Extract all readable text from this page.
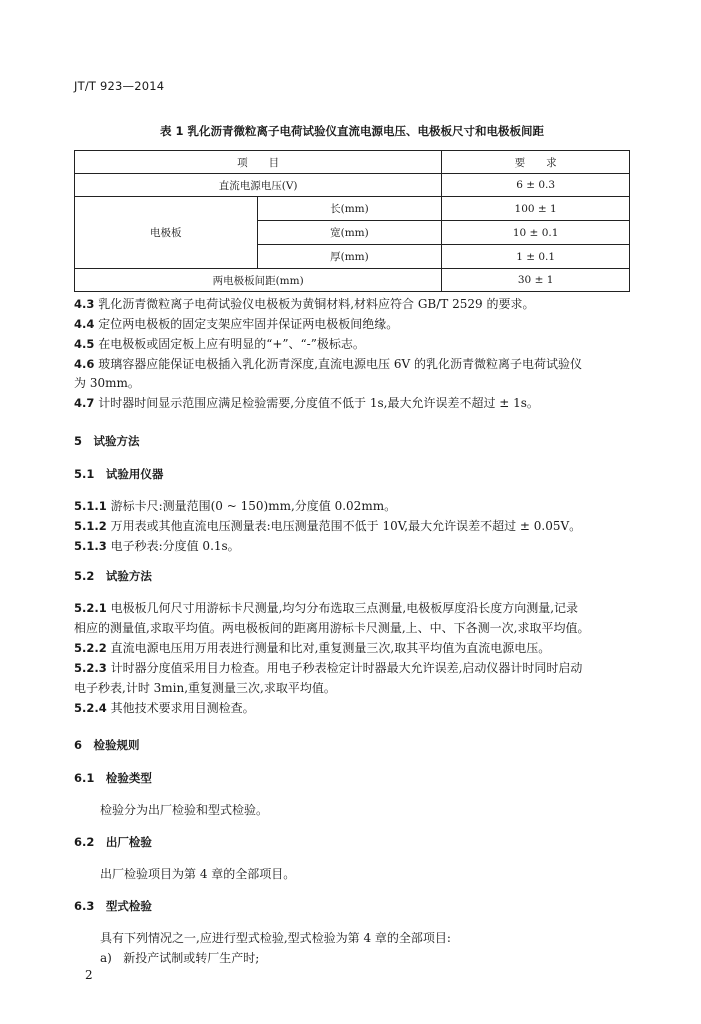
JT/T 923—2014
表 1 乳化沥青微粒离子电荷试验仪直流电源电压、电极板尺寸和电极板间距
项　　目		要　　求
直流电源电压(V)		6 ± 0.3
电极板	长(mm)	100 ± 1
	宽(mm)	10 ± 0.1
	厚(mm)	1 ± 0.1
两电极板间距(mm)		30 ± 1
4.3 乳化沥青微粒离子电荷试验仪电极板为黄铜材料,材料应符合 GB/T 2529 的要求。
4.4 定位两电极板的固定支架应牢固并保证两电极板间绝缘。
4.5 在电极板或固定板上应有明显的“+”、“-”极标志。
4.6 玻璃容器应能保证电极插入乳化沥青深度,直流电源电压 6V 的乳化沥青微粒离子电荷试验仪
为 30mm。
4.7 计时器时间显示范围应满足检验需要,分度值不低于 1s,最大允许误差不超过 ± 1s。
5 试验方法
5.1 试验用仪器
5.1.1 游标卡尺:测量范围(0 ~ 150)mm,分度值 0.02mm。
5.1.2 万用表或其他直流电压测量表:电压测量范围不低于 10V,最大允许误差不超过 ± 0.05V。
5.1.3 电子秒表:分度值 0.1s。
5.2 试验方法
5.2.1 电极板几何尺寸用游标卡尺测量,均匀分布选取三点测量,电极板厚度沿长度方向测量,记录
相应的测量值,求取平均值。两电极板间的距离用游标卡尺测量,上、中、下各测一次,求取平均值。
5.2.2 直流电源电压用万用表进行测量和比对,重复测量三次,取其平均值为直流电源电压。
5.2.3 计时器分度值采用目力检查。用电子秒表检定计时器最大允许误差,启动仪器计时同时启动
电子秒表,计时 3min,重复测量三次,求取平均值。
5.2.4 其他技术要求用目测检查。
6 检验规则
6.1 检验类型
检验分为出厂检验和型式检验。
6.2 出厂检验
出厂检验项目为第 4 章的全部项目。
6.3 型式检验
具有下列情况之一,应进行型式检验,型式检验为第 4 章的全部项目:
a) 新投产试制或转厂生产时;
2
